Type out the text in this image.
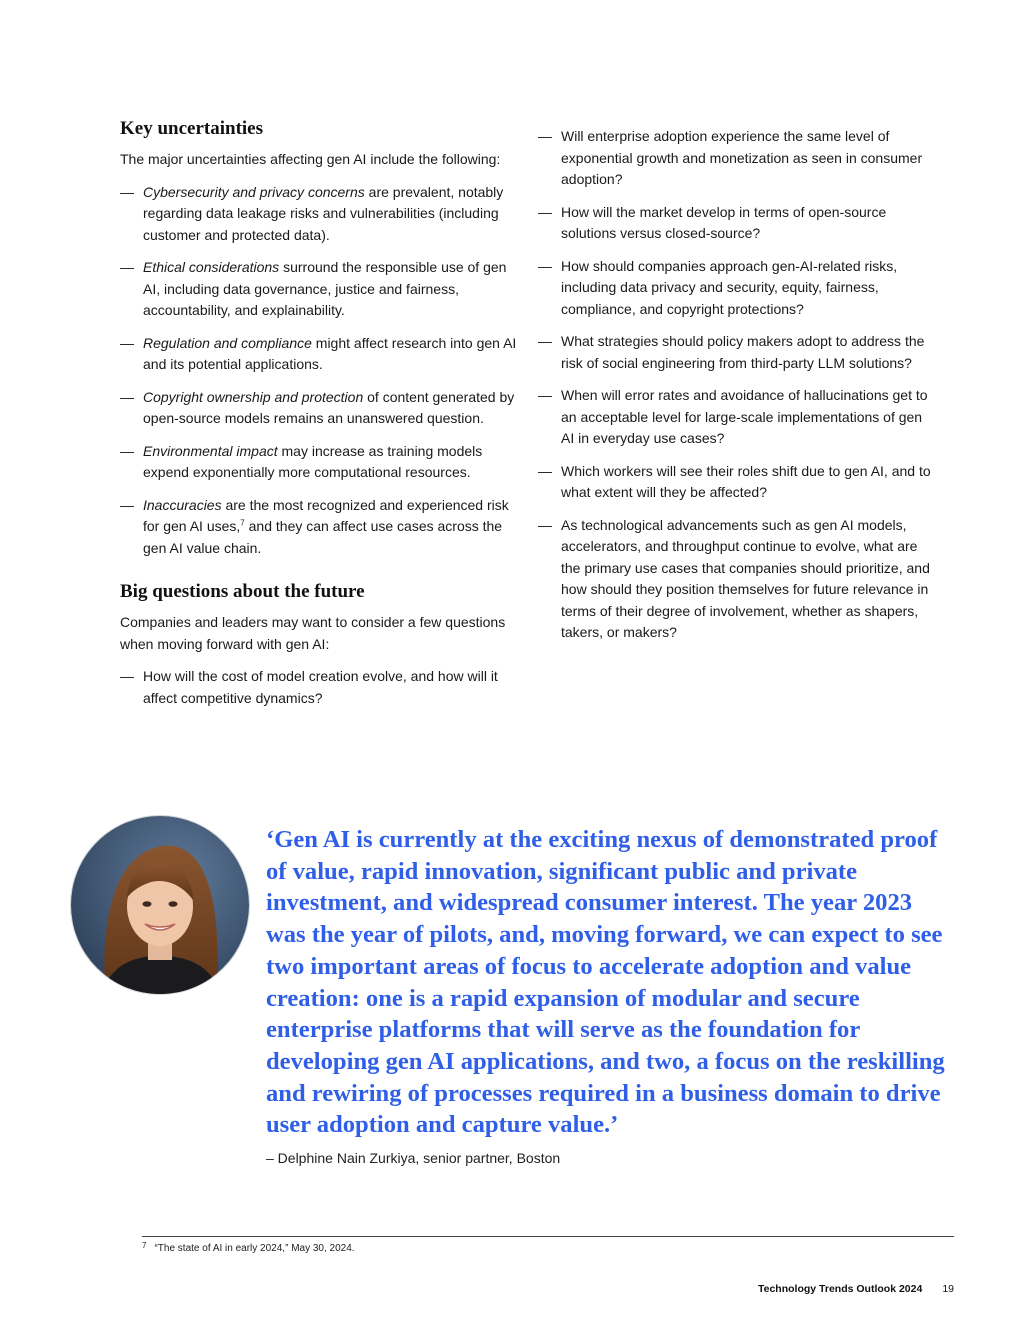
Key uncertainties

The major uncertainties affecting gen AI include the following:

— Cybersecurity and privacy concerns are prevalent, notably regarding data leakage risks and vulnerabilities (including customer and protected data).
— Ethical considerations surround the responsible use of gen AI, including data governance, justice and fairness, accountability, and explainability.
— Regulation and compliance might affect research into gen AI and its potential applications.
— Copyright ownership and protection of content generated by open-source models remains an unanswered question.
— Environmental impact may increase as training models expend exponentially more computational resources.
— Inaccuracies are the most recognized and experienced risk for gen AI uses,$^7$ and they can affect use cases across the gen AI value chain.
Big questions about the future

Companies and leaders may want to consider a few questions when moving forward with gen AI:

— How will the cost of model creation evolve, and how will it affect competitive dynamics?
— Will enterprise adoption experience the same level of exponential growth and monetization as seen in consumer adoption?
— How will the market develop in terms of open-source solutions versus closed-source?
— How should companies approach gen-AI-related risks, including data privacy and security, equity, fairness, compliance, and copyright protections?
— What strategies should policy makers adopt to address the risk of social engineering from third-party LLM solutions?
— When will error rates and avoidance of hallucinations get to an acceptable level for large-scale implementations of gen AI in everyday use cases?
— Which workers will see their roles shift due to gen AI, and to what extent will they be affected?
— As technological advancements such as gen AI models, accelerators, and throughput continue to evolve, what are the primary use cases that companies should prioritize, and how should they position themselves for future relevance in terms of their degree of involvement, whether as shapers, takers, or makers?
‘Gen AI is currently at the exciting nexus of demonstrated proof of value, rapid innovation, significant public and private investment, and widespread consumer interest. The year 2023 was the year of pilots, and, moving forward, we can expect to see two important areas of focus to accelerate adoption and value creation: one is a rapid expansion of modular and secure enterprise platforms that will serve as the foundation for developing gen AI applications, and two, a focus on the reskilling and rewiring of processes required in a business domain to drive user adoption and capture value.’
– Delphine Nain Zurkiya, senior partner, Boston
$^7$ “The state of AI in early 2024,” May 30, 2024.
Technology Trends Outlook 2024 19
